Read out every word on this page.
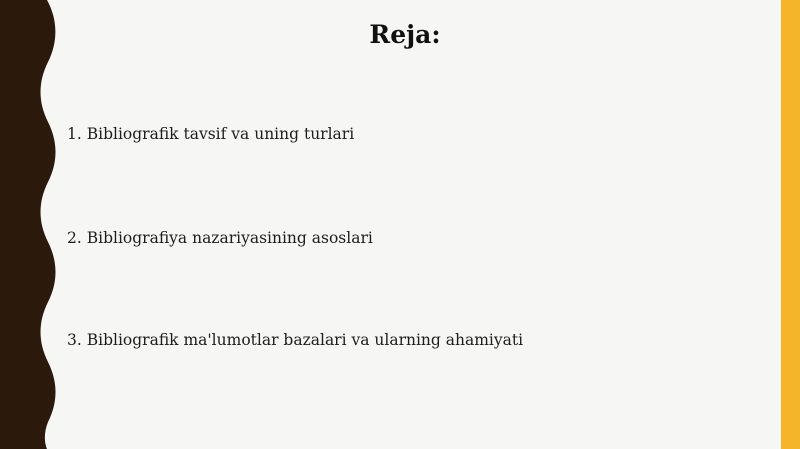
Reja:
1. Bibliografik tavsif va uning turlari
2. Bibliografiya nazariyasining asoslari
3. Bibliografik ma'lumotlar bazalari va ularning ahamiyati
